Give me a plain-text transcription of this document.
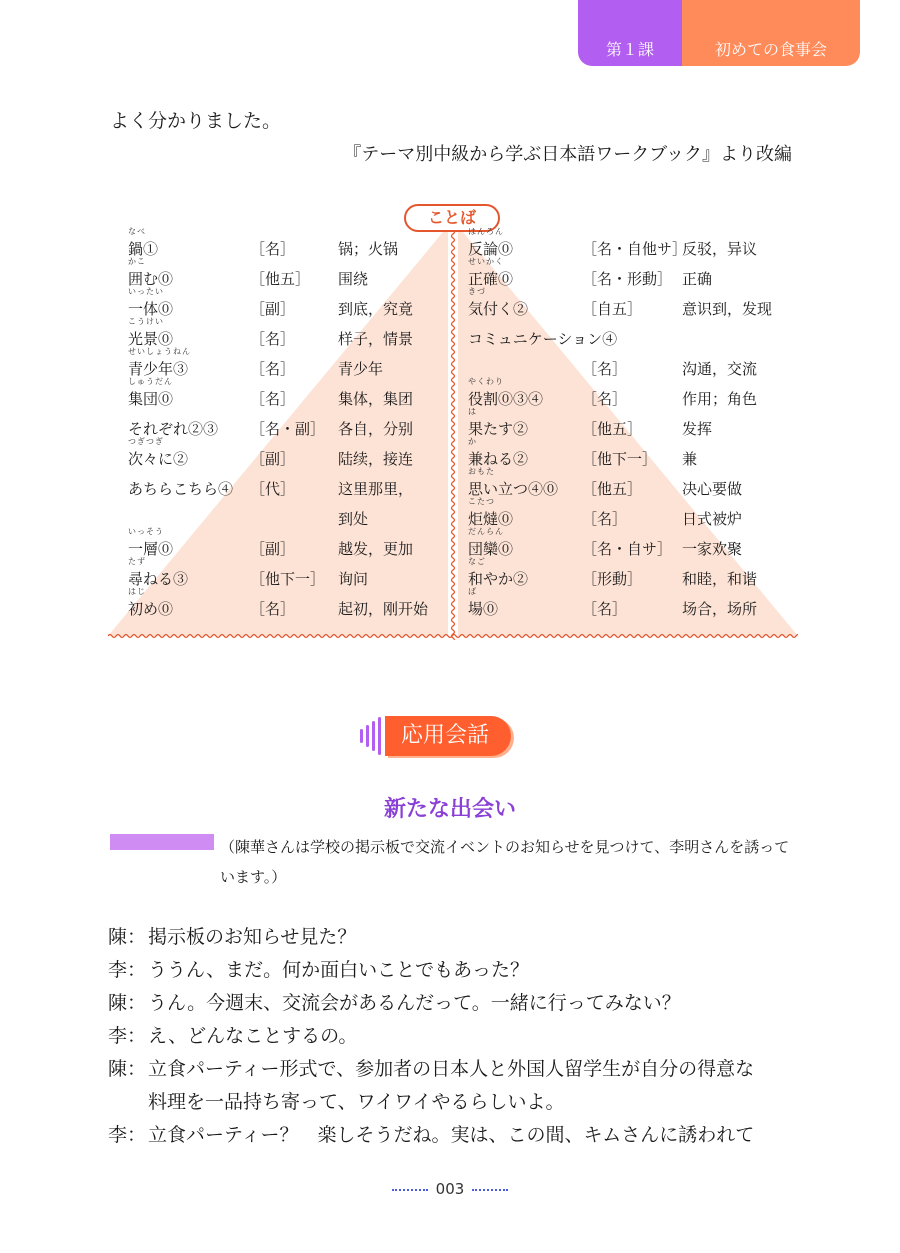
第１課	初めての食事会
よく分かりました。
『テーマ別中級から学ぶ日本語ワークブック』より改編
ことば
鍋①
なべ
［名］	锅；火锅
囲む⓪
かこ
［他五］ 围绕
一体⓪
いったい
［副］	到底，究竟
光景⓪
こうけい
［名］	样子，情景
青少年③
せいしょうねん
［名］	青少年
集団⓪
しゅうだん
［名］	集体，集团
それぞれ②③ ［名・副］ 各自，分别
次々に②
つぎつぎ
［副］	陆续，接连
あちらこちら④ ［代］	这里那里，
到处
一層⓪
いっそう
［副］	越发，更加
尋ねる③
たず
［他下一］ 询问
初め⓪
はじ
［名］	起初，刚开始
反論⓪
はんろん
［名・自他サ］
反驳，异议
正確⓪
せいかく
［名・形動］ 正确
気付く②
きづ
［自五］	意识到，发现
コミュニケーション④
［名］	沟通，交流
役割⓪③④
やくわり
［名］	作用；角色
果たす②
は
［他五］	发挥
兼ねる②
か
［他下一］ 兼
思い立つ④⓪
おもた
［他五］	决心要做
炬燵⓪
こたつ
［名］	日式被炉
団欒⓪
だんらん
［名・自サ］ 一家欢聚
和やか②
なご
［形動］	和睦，和谐
場⓪
ば
［名］	场合，场所
応用会話
新たな出会い
（陳華さんは学校の掲示板で交流イベントのお知らせを見つけて、李明さんを誘っています。）
陳： 掲示板のお知らせ見た？
李： ううん、まだ。何か面白いことでもあった？
陳： うん。今週末、交流会があるんだって。一緒に行ってみない？
李： え、どんなことするの。
陳： 立食パーティー形式で、参加者の日本人と外国人留学生が自分の得意な
料理を一品持ち寄って、ワイワイやるらしいよ。
李： 立食パーティー？　楽しそうだね。実は、この間、キムさんに誘われて
003
